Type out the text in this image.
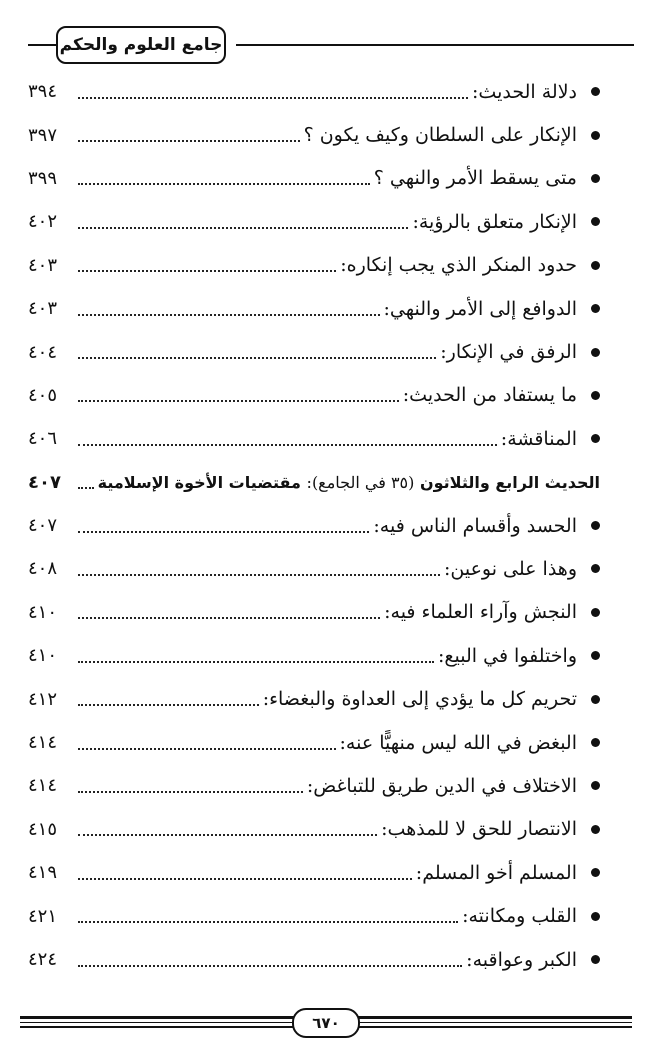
جامع العلوم والحكم
دلالة الحديث:
٣٩٤
الإنكار على السلطان وكيف يكون ؟
٣٩٧
متى يسقط الأمر والنهي ؟
٣٩٩
الإنكار متعلق بالرؤية:
٤٠٢
حدود المنكر الذي يجب إنكاره:
٤٠٣
الدوافع إلى الأمر والنهي:
٤٠٣
الرفق في الإنكار:
٤٠٤
ما يستفاد من الحديث:
٤٠٥
المناقشة:
٤٠٦
الحديث الرابع والثلاثون (٣٥ في الجامع): مقتضيات الأخوة الإسلامية
٤٠٧
الحسد وأقسام الناس فيه:
٤٠٧
وهذا على نوعين:
٤٠٨
النجش وآراء العلماء فيه:
٤١٠
واختلفوا في البيع:
٤١٠
تحريم كل ما يؤدي إلى العداوة والبغضاء:
٤١٢
البغض في الله ليس منهيًّا عنه:
٤١٤
الاختلاف في الدين طريق للتباغض:
٤١٤
الانتصار للحق لا للمذهب:
٤١٥
المسلم أخو المسلم:
٤١٩
القلب ومكانته:
٤٢١
الكبر وعواقبه:
٤٢٤
٦٧٠
